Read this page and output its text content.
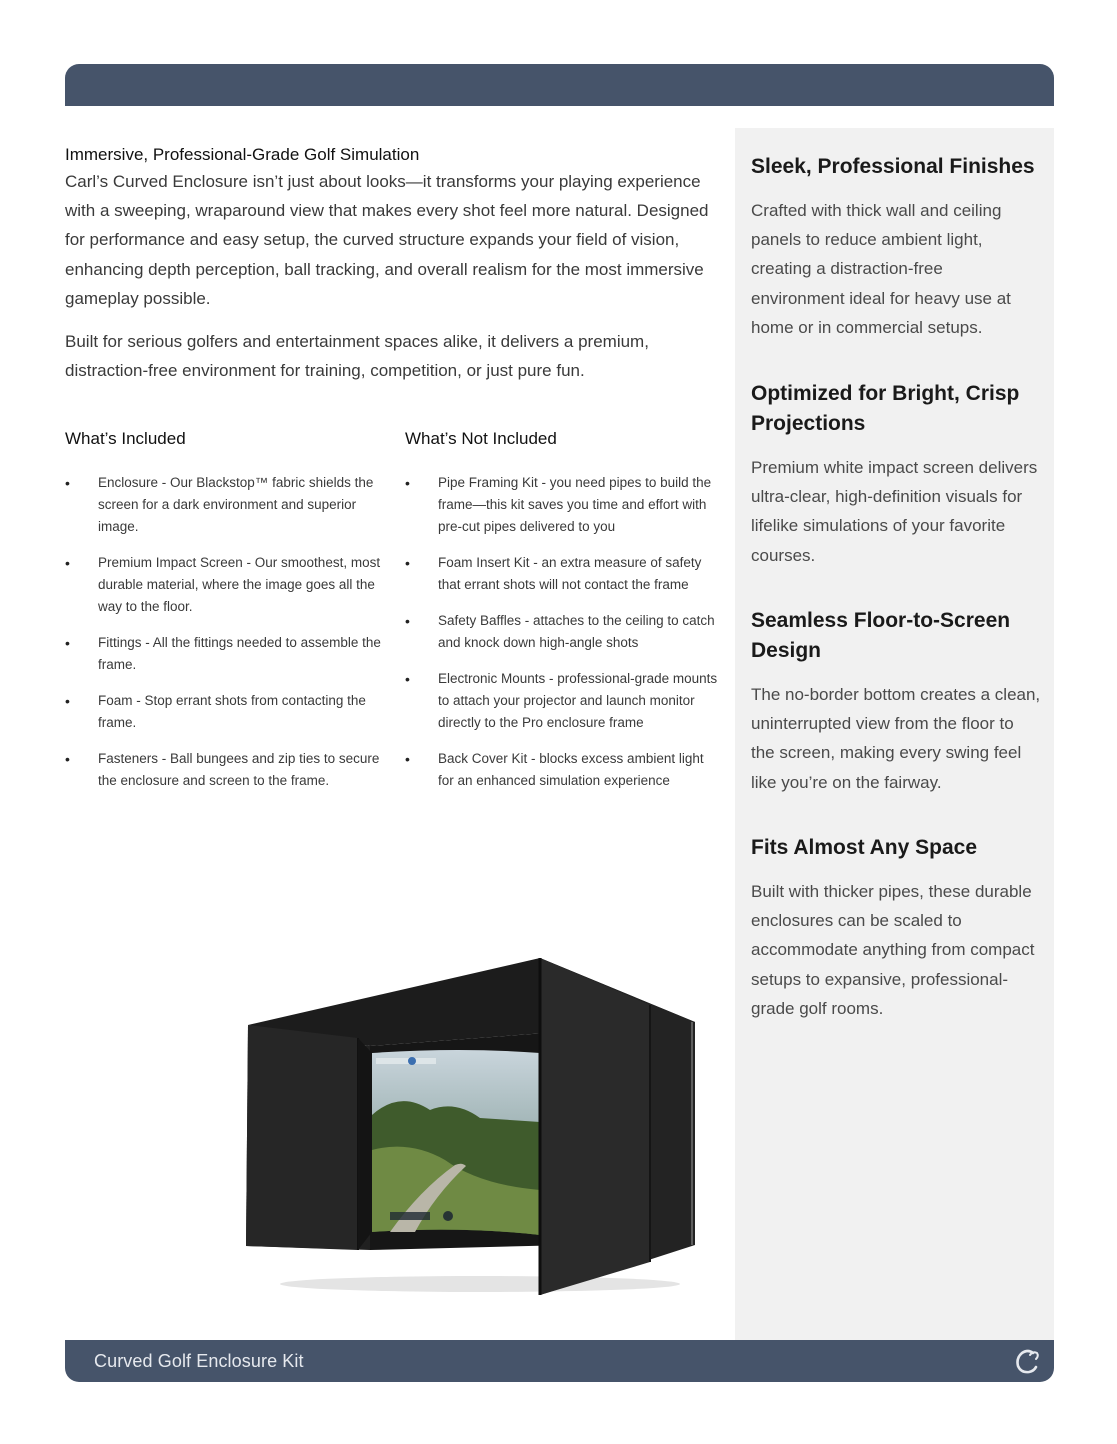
Immersive, Professional-Grade Golf Simulation

Carl’s Curved Enclosure isn’t just about looks—it transforms your playing experience with a sweeping, wraparound view that makes every shot feel more natural. Designed for performance and easy setup, the curved structure expands your field of vision, enhancing depth perception, ball tracking, and overall realism for the most immersive gameplay possible.

Built for serious golfers and entertainment spaces alike, it delivers a premium, distraction-free environment for training, competition, or just pure fun.

What’s Included
• Enclosure - Our Blackstop™ fabric shields the screen for a dark environment and superior image.
• Premium Impact Screen - Our smoothest, most durable material, where the image goes all the way to the floor.
• Fittings - All the fittings needed to assemble the frame.
• Foam - Stop errant shots from contacting the frame.
• Fasteners - Ball bungees and zip ties to secure the enclosure and screen to the frame.
What’s Not Included
• Pipe Framing Kit - you need pipes to build the frame—this kit saves you time and effort with pre-cut pipes delivered to you
• Foam Insert Kit - an extra measure of safety that errant shots will not contact the frame
• Safety Baffles - attaches to the ceiling to catch and knock down high-angle shots
• Electronic Mounts - professional-grade mounts to attach your projector and launch monitor directly to the Pro enclosure frame
• Back Cover Kit - blocks excess ambient light for an enhanced simulation experience
Sleek, Professional Finishes

Crafted with thick wall and ceiling panels to reduce ambient light, creating a distraction-free environment ideal for heavy use at home or in commercial setups.

Optimized for Bright, Crisp Projections

Premium white impact screen delivers ultra-clear, high-definition visuals for lifelike simulations of your favorite courses.

Seamless Floor-to-Screen Design

The no-border bottom creates a clean, uninterrupted view from the floor to the screen, making every swing feel like you’re on the fairway.

Fits Almost Any Space

Built with thicker pipes, these durable enclosures can be scaled to accommodate anything from compact setups to expansive, professional-grade golf rooms.

Curved Golf Enclosure Kit
